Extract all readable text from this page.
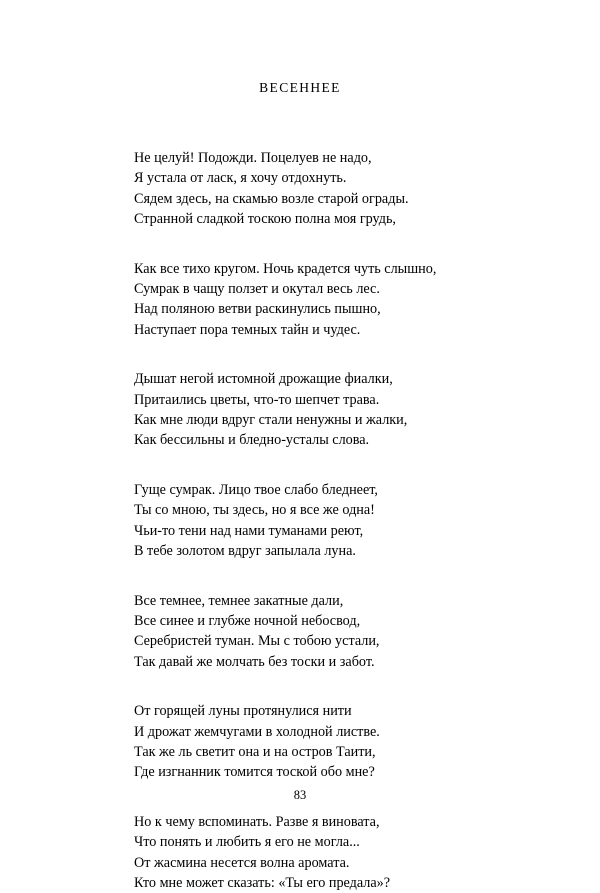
ВЕСЕННЕЕ
Не целуй! Подожди. Поцелуев не надо,
Я устала от ласк, я хочу отдохнуть.
Сядем здесь, на скамью возле старой ограды.
Странной сладкой тоскою полна моя грудь,
Как все тихо кругом. Ночь крадется чуть слышно,
Сумрак в чащу ползет и окутал весь лес.
Над поляною ветви раскинулись пышно,
Наступает пора темных тайн и чудес.
Дышат негой истомной дрожащие фиалки,
Притаились цветы, что-то шепчет трава.
Как мне люди вдруг стали ненужны и жалки,
Как бессильны и бледно-усталы слова.
Гуще сумрак. Лицо твое слабо бледнеет,
Ты со мною, ты здесь, но я все же одна!
Чьи-то тени над нами туманами реют,
В тебе золотом вдруг запылала луна.
Все темнее, темнее закатные дали,
Все синее и глубже ночной небосвод,
Серебристей туман. Мы с тобою устали,
Так давай же молчать без тоски и забот.
От горящей луны протянулися нити
И дрожат жемчугами в холодной листве.
Так же ль светит она и на остров Таити,
Где изгнанник томится тоской обо мне?
Но к чему вспоминать. Разве я виновата,
Что понять и любить я его не могла...
От жасмина несется волна аромата.
Кто мне может сказать: «Ты его предала»?
83
